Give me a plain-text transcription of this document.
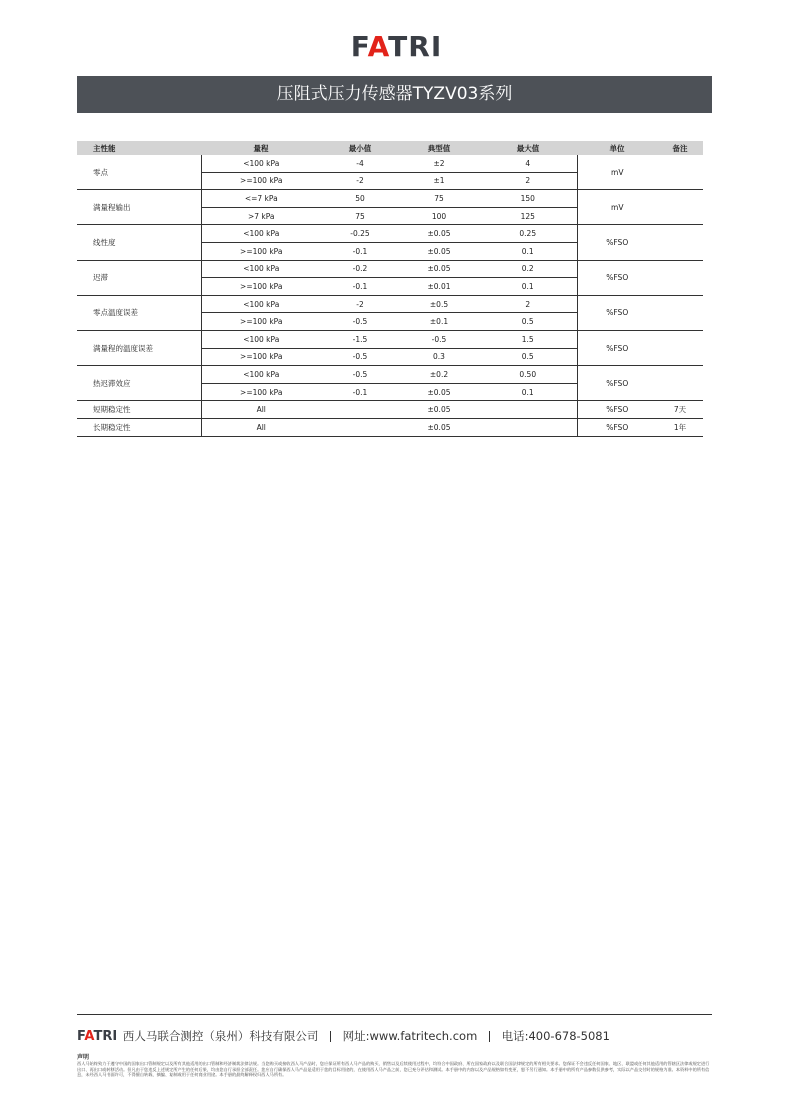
FATRI
压阻式压力传感器TYZV03系列
主性能	量程	最小值	典型值	最大值	单位	备注
零点	<100 kPa	-4	±2	4	mV	
	>=100 kPa	-2	±1	2		
满量程输出	<=7 kPa	50	75	150	mV	
	>7 kPa	75	100	125		
线性度	<100 kPa	-0.25	±0.05	0.25	%FSO	
	>=100 kPa	-0.1	±0.05	0.1		
迟滞	<100 kPa	-0.2	±0.05	0.2	%FSO	
	>=100 kPa	-0.1	±0.01	0.1		
零点温度误差	<100 kPa	-2	±0.5	2	%FSO	
	>=100 kPa	-0.5	±0.1	0.5		
满量程的温度误差	<100 kPa	-1.5	-0.5	1.5	%FSO	
	>=100 kPa	-0.5	0.3	0.5		
热迟滞效应	<100 kPa	-0.5	±0.2	0.50	%FSO	
	>=100 kPa	-0.1	±0.05	0.1		
短期稳定性	All		±0.05		%FSO	7天
长期稳定性	All		±0.05		%FSO	1年
FATRI 西人马联合测控（泉州）科技有限公司 网址:www.fatritech.com 电话:400-678-5081
声明
西人马始终致力于遵守中国的国家出口管制规定以及所有其他适用的出口管制和经济制裁法律法规。当您购买或接收西人马产品时，您应保证所有西人马产品的购买、销售以及后续使用过程中，均符合中国政府、所在国家政府以及联合国法律规定的所有相关要求。您保证不会违反任何国家、地区、联盟或任何其他适用的管辖区法律或规定进行出口、再出口或转移活动。但凡由于您违反上述规定所产生的任何后果，均由您自行承担全部责任。您应自行确保西人马产品是适用于您的目标用途的，在使用西人马产品之前，您已充分评估和测试。本手册中的内容以及产品规格如有变更，恕不另行通知。本手册中的所有产品参数仅供参考，实际以产品交付时的规格为准。本资料中的所有信息，未经西人马书面许可，不得擅自转载、摘编、复制或用于任何商业用途。本手册的最终解释权归西人马所有。
